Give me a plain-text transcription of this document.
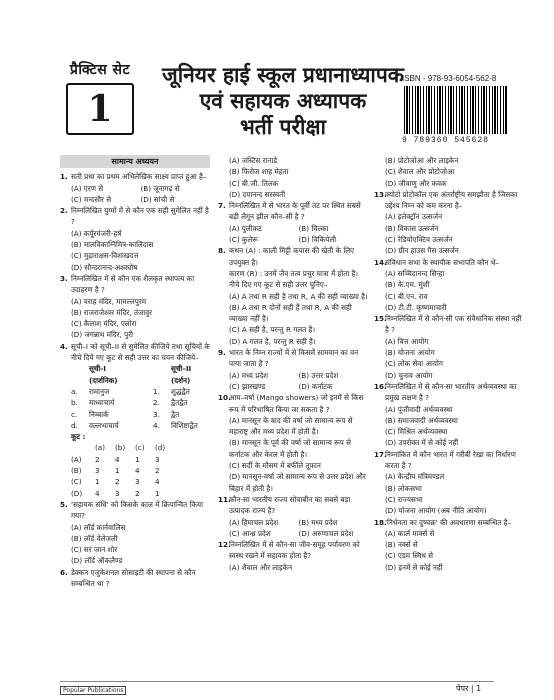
प्रैक्टिस सेट
1
जूनियर हाई स्कूल प्रधानाध्यापक
एवं सहायक अध्यापक
भर्ती परीक्षा
ISBN - 978-93-6054-562-8
9 789360 545628
सामान्य अध्ययन
1. सती प्रथा का प्रथम अभिलेखिक साक्ष्य प्राप्त हुआ है–
(A) एरण से	(B) जूनागढ़ से
(C) मन्दसौर से	(D) सांची से
2. निम्नलिखित युग्मों में से कौन एक सही सुमेलित नहीं है ?
(A) कर्पूरमंजरी-हर्ष
(B) मालविकाग्निमित्र-कालिदास
(C) मुद्राराक्षस-विशाखदत्त
(D) सौन्दरानन्द-अश्वघोष
3. निम्नलिखित में से कौन एक शैलकृत स्थापत्य का उदाहरण है ?
(A) वराह मंदिर, मामल्लपुरम
(B) राजराजेश्वर मंदिर, तंजावुर
(C) कैलाश मंदिर, एलोरा
(D) जगन्नाथ मंदिर, पुरी
4. सूची–I को सूची–II से सुमेलित कीजिये तथा सूचियों के नीचे दिये गए कूट से सही उत्तर का चयन कीजिये–
सूची-I	सूची–II
(दार्शनिक)	(दर्शन)
a.	रामानुज	1.	शुद्धद्वैत
b.	माध्वाचार्य	2.	द्वैतद्वैत
c.	निम्बार्क	3.	द्वैत
d.	वल्लभाचार्य	4.	विशिष्टाद्वैत
कूट :
(a)	(b)	(c)	(d)
(A)	2	4	1	3
(B)	3	1	4	2
(C)	1	2	3	4
(D)	4	3	2	1
5. 'सहायक संधि' को किसके काल में क्रियान्वित किया गया?
(A) लॉर्ड कार्नवालिस
(B) लॉर्ड वेलेजली
(C) सर जान शोर
(D) लॉर्ड ऑकलैण्ड
6. डेक्कन एजुकेशनल सोसाइटी की स्थापना से कौन सम्बन्धित था ?
(A) जस्टिस रानाडे
(B) फिरोज शाह मेहता
(C) बी.जी. तिलक
(D) दयानन्द सरस्वती
7. निम्नलिखित में से भारत के पूर्वी तट पर स्थित सबसे बड़ी लैगून झील कौन–सी है ?
(A) पुलीकट	(B) चिल्का
(C) कुलेरू	(D) विकियेली
8. कथन (A) : काली मिट्टी कपास की खेती के लिए उपयुक्त है।
कारण (R) : उनमें जैव तत्व प्रचुर मात्रा में होता है।
नीचे दिए गए कूट से सही उत्तर चुनिए–
(A) A तथा R सही है तथा R, A की सही व्याख्या है।
(B) A तथा R दोनों सही हैं तथा R, A की सही व्याख्या नहीं है।
(C) A सही है, परन्तु R गलत है।
(D) A गलत है, परन्तु R सही है।
9. भारत के निम्न राज्यों में से किसमें सामवान का वन पाया जाता है ?
(A) मध्य प्रदेश	(B) उत्तर प्रदेश
(C) झारखण्ड	(D) कर्नाटक
10.
आम–वर्षा (Mango showers) जो इनमें से किस रूप में परिभाषित किया जा सकता है ?
(A) मानसून के बाद की वर्षा जो सामान्य रूप से महाराष्ट्र और मध्य प्रदेश में होती है।
(B) मानसून के पूर्व की वर्षा जो सामान्य रूप से कर्नाटक और केरल में होती है।
(C) सर्दी के मौसम में बर्फीले तूफ़ान
(D) मानसून-वर्षा जो सामान्य रूप से उत्तर प्रदेश और बिहार में होती है।
11.
कौन-सा भारतीय राज्य सोयाबीन का सबसे बड़ा उत्पादक राज्य है?
(A) हिमाचल प्रदेश	(B) मध्य प्रदेश
(C) आन्ध्र प्रदेश	(D) अरुणाचल प्रदेश
12.
निम्नलिखित में से कौन-सा जीव-समूह पर्यावरण को स्वस्थ रखने में सहायक होता है?
(A) शैवाल और लाइकेन
(B) प्रोटोजोआ और लाइकेन
(C) शैवाल और प्रोटोजोआ
(D) जीवाणु और कवक
13.
क्योटो प्रोटोकॉल एक अंतर्राष्ट्रीय समझौता है जिसका उद्देश्य निम्न को कम करना है–
(A) इलेक्ट्रॉन उत्सर्जन
(B) विकास उत्सर्जन
(C) रेडियोएक्टिव उत्सर्जन
(D) ग्रीन हाउस गैस उत्सर्जन
14.
संविधान सभा के स्थायीक सभापति कौन थे–
(A) सच्चिदानन्द सिन्हा
(B) के.एम. मुंशी
(C) बी.एन. राव
(D) टी.टी. कृष्णमाचारी
15.
निम्नलिखित में से कौन-सी एक संवैधानिक संस्था नहीं है ?
(A) वित्त आयोग
(B) योजना आयोग
(C) लोक सेवा आयोग
(D) चुनाव आयोग
16.
निम्नलिखित में से कौन-सा भारतीय अर्थव्यवस्था का प्रमुख लक्षण है ?
(A) पूंजीवादी अर्थव्यवस्था
(B) समाजवादी अर्थव्यवस्था
(C) मिश्रित अर्थव्यवस्था
(D) उपरोक्त में से कोई नहीं
17.
निम्नांकित में कौन भारत में गरीबी रेखा का निर्धारण करता है ?
(A) केन्द्रीय मंत्रिमण्डल
(B) लोकसभा
(C) राज्यसभा
(D) योजना आयोग (अब नीति आयोग)
18.
'निर्धनता का दुष्चक्र' की अवधारणा सम्बन्धित है–
(A) कार्ल मार्क्स से
(B) नर्क्स से
(C) एडम स्मिथ से
(D) इनमें से कोई नहीं
Popular Publications	पेपर | 1
